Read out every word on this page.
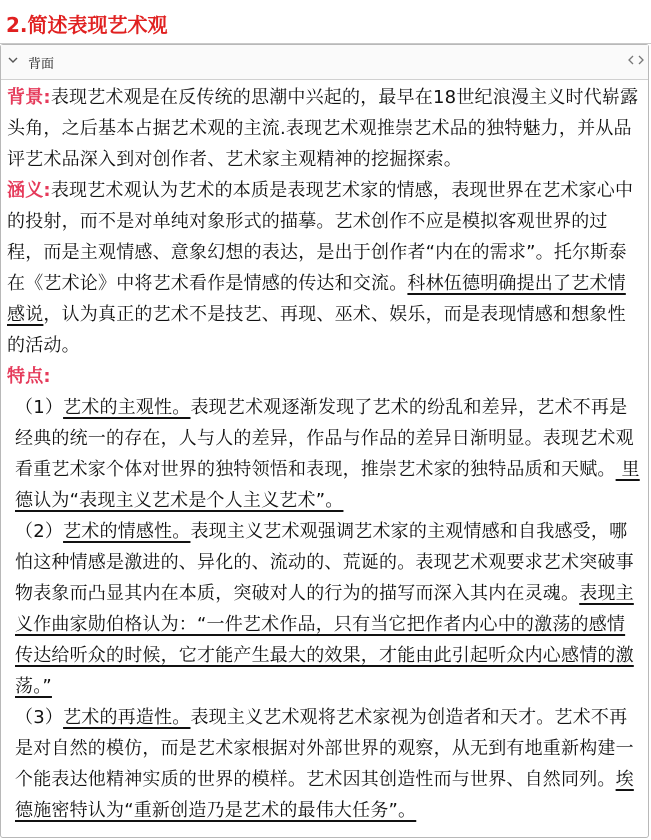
2.简述表现艺术观
背面

背景:表现艺术观是在反传统的思潮中兴起的，最早在18世纪浪漫主义时代崭露头角，之后基本占据艺术观的主流.表现艺术观推崇艺术品的独特魅力，并从品评艺术品深入到对创作者、艺术家主观精神的挖掘探索。

涵义:表现艺术观认为艺术的本质是表现艺术家的情感，表现世界在艺术家心中的投射，而不是对单纯对象形式的描摹。艺术创作不应是模拟客观世界的过程，而是主观情感、意象幻想的表达，是出于创作者“内在的需求”。托尔斯泰在《艺术论》中将艺术看作是情感的传达和交流。科林伍德明确提出了艺术情感说，认为真正的艺术不是技艺、再现、巫术、娱乐，而是表现情感和想象性的活动。

特点:

（1）艺术的主观性。表现艺术观逐渐发现了艺术的纷乱和差异，艺术不再是经典的统一的存在，人与人的差异，作品与作品的差异日渐明显。表现艺术观看重艺术家个体对世界的独特领悟和表现，推崇艺术家的独特品质和天赋。 里德认为“表现主义艺术是个人主义艺术”。

（2）艺术的情感性。表现主义艺术观强调艺术家的主观情感和自我感受，哪怕这种情感是激进的、异化的、流动的、荒诞的。表现艺术观要求艺术突破事物表象而凸显其内在本质，突破对人的行为的描写而深入其内在灵魂。表现主义作曲家勋伯格认为：“一件艺术作品，只有当它把作者内心中的激荡的感情传达给听众的时候，它才能产生最大的效果，才能由此引起听众内心感情的激荡。”

（3）艺术的再造性。表现主义艺术观将艺术家视为创造者和天才。艺术不再是对自然的模仿，而是艺术家根据对外部世界的观察，从无到有地重新构建一个能表达他精神实质的世界的模样。艺术因其创造性而与世界、自然同列。埃德施密特认为“重新创造乃是艺术的最伟大任务”。
